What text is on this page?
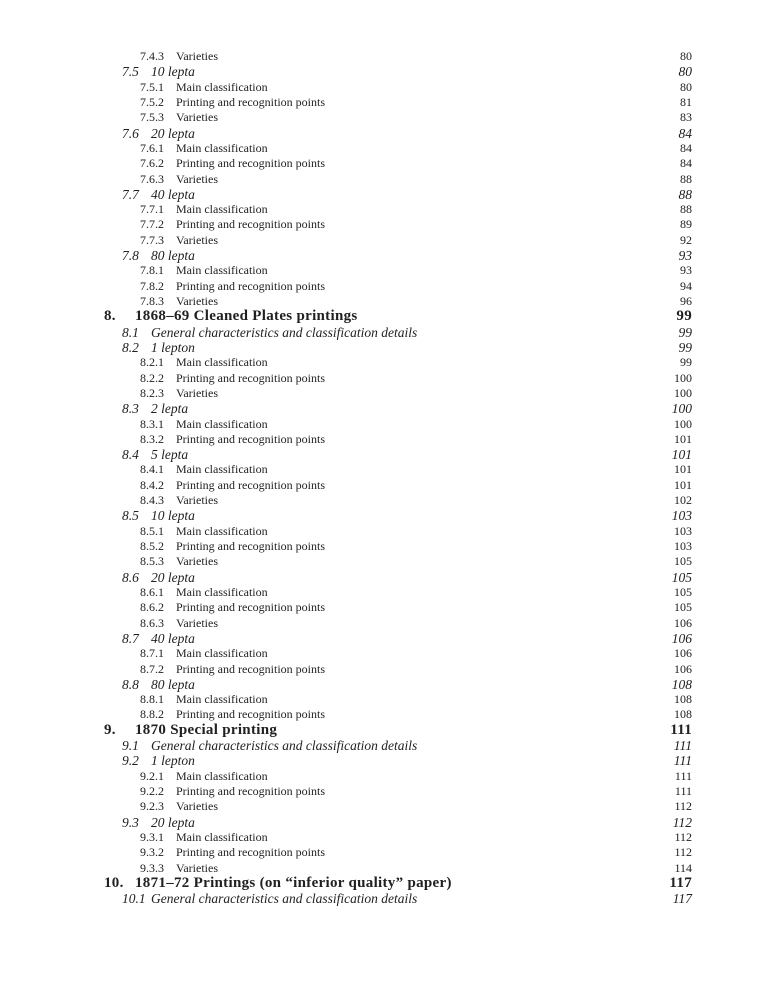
7.4.3	Varieties	80
7.5 10 lepta	80
7.5.1	Main classification	80
7.5.2	Printing and recognition points	81
7.5.3	Varieties	83
7.6 20 lepta	84
7.6.1	Main classification	84
7.6.2	Printing and recognition points	84
7.6.3	Varieties	88
7.7 40 lepta	88
7.7.1	Main classification	88
7.7.2	Printing and recognition points	89
7.7.3	Varieties	92
7.8 80 lepta	93
7.8.1	Main classification	93
7.8.2	Printing and recognition points	94
7.8.3	Varieties	96
8.	1868–69 Cleaned Plates printings	99
8.1 General characteristics and classification details	99
8.2 1 lepton	99
8.2.1	Main classification	99
8.2.2	Printing and recognition points	100
8.2.3	Varieties	100
8.3 2 lepta	100
8.3.1	Main classification	100
8.3.2	Printing and recognition points	101
8.4 5 lepta	101
8.4.1	Main classification	101
8.4.2	Printing and recognition points	101
8.4.3	Varieties	102
8.5 10 lepta	103
8.5.1	Main classification	103
8.5.2	Printing and recognition points	103
8.5.3	Varieties	105
8.6 20 lepta	105
8.6.1	Main classification	105
8.6.2	Printing and recognition points	105
8.6.3	Varieties	106
8.7 40 lepta	106
8.7.1	Main classification	106
8.7.2	Printing and recognition points	106
8.8 80 lepta	108
8.8.1	Main classification	108
8.8.2	Printing and recognition points	108
9.	1870 Special printing	111
9.1 General characteristics and classification details	111
9.2 1 lepton	111
9.2.1	Main classification	111
9.2.2	Printing and recognition points	111
9.2.3	Varieties	112
9.3 20 lepta	112
9.3.1	Main classification	112
9.3.2	Printing and recognition points	112
9.3.3	Varieties	114
10. 1871–72 Printings (on “inferior quality” paper)	117
10.1 General characteristics and classification details	117
